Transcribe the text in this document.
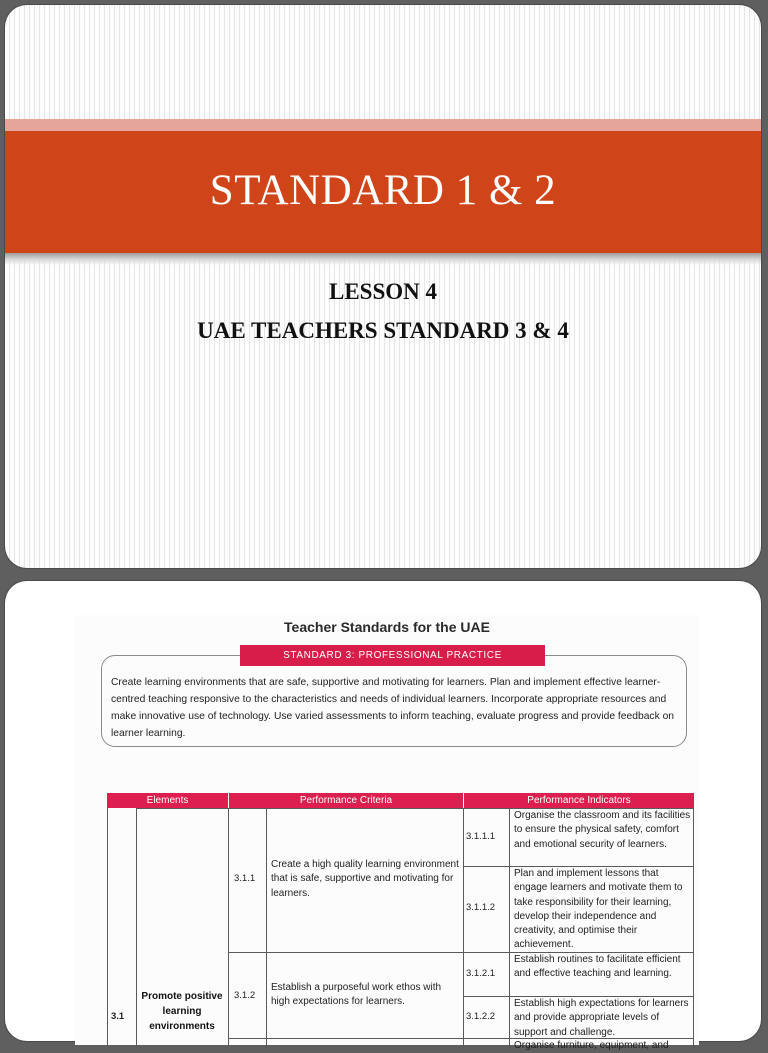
STANDARD 1 & 2
LESSON 4
UAE TEACHERS STANDARD 3 & 4
Teacher Standards for the UAE
STANDARD 3: PROFESSIONAL PRACTICE
Create learning environments that are safe, supportive and motivating for learners. Plan and implement effective learner-centred teaching responsive to the characteristics and needs of individual learners. Incorporate appropriate resources and make innovative use of technology. Use varied assessments to inform teaching, evaluate progress and provide feedback on learner learning.
Elements	Performance Criteria	Performance Indicators
3.1
Promote positive learning environments
3.1.1
Create a high quality learning environment that is safe, supportive and motivating for learners.
3.1.2
Establish a purposeful work ethos with high expectations for learners.
3.1.1.1
Organise the classroom and its facilities to ensure the physical safety, comfort and emotional security of learners.
3.1.1.2
Plan and implement lessons that engage learners and motivate them to take responsibility for their learning, develop their independence and creativity, and optimise their achievement.
3.1.2.1
Establish routines to facilitate efficient and effective teaching and learning.
3.1.2.2
Establish high expectations for learners and provide appropriate levels of support and challenge.
Organise furniture, equipment, and
